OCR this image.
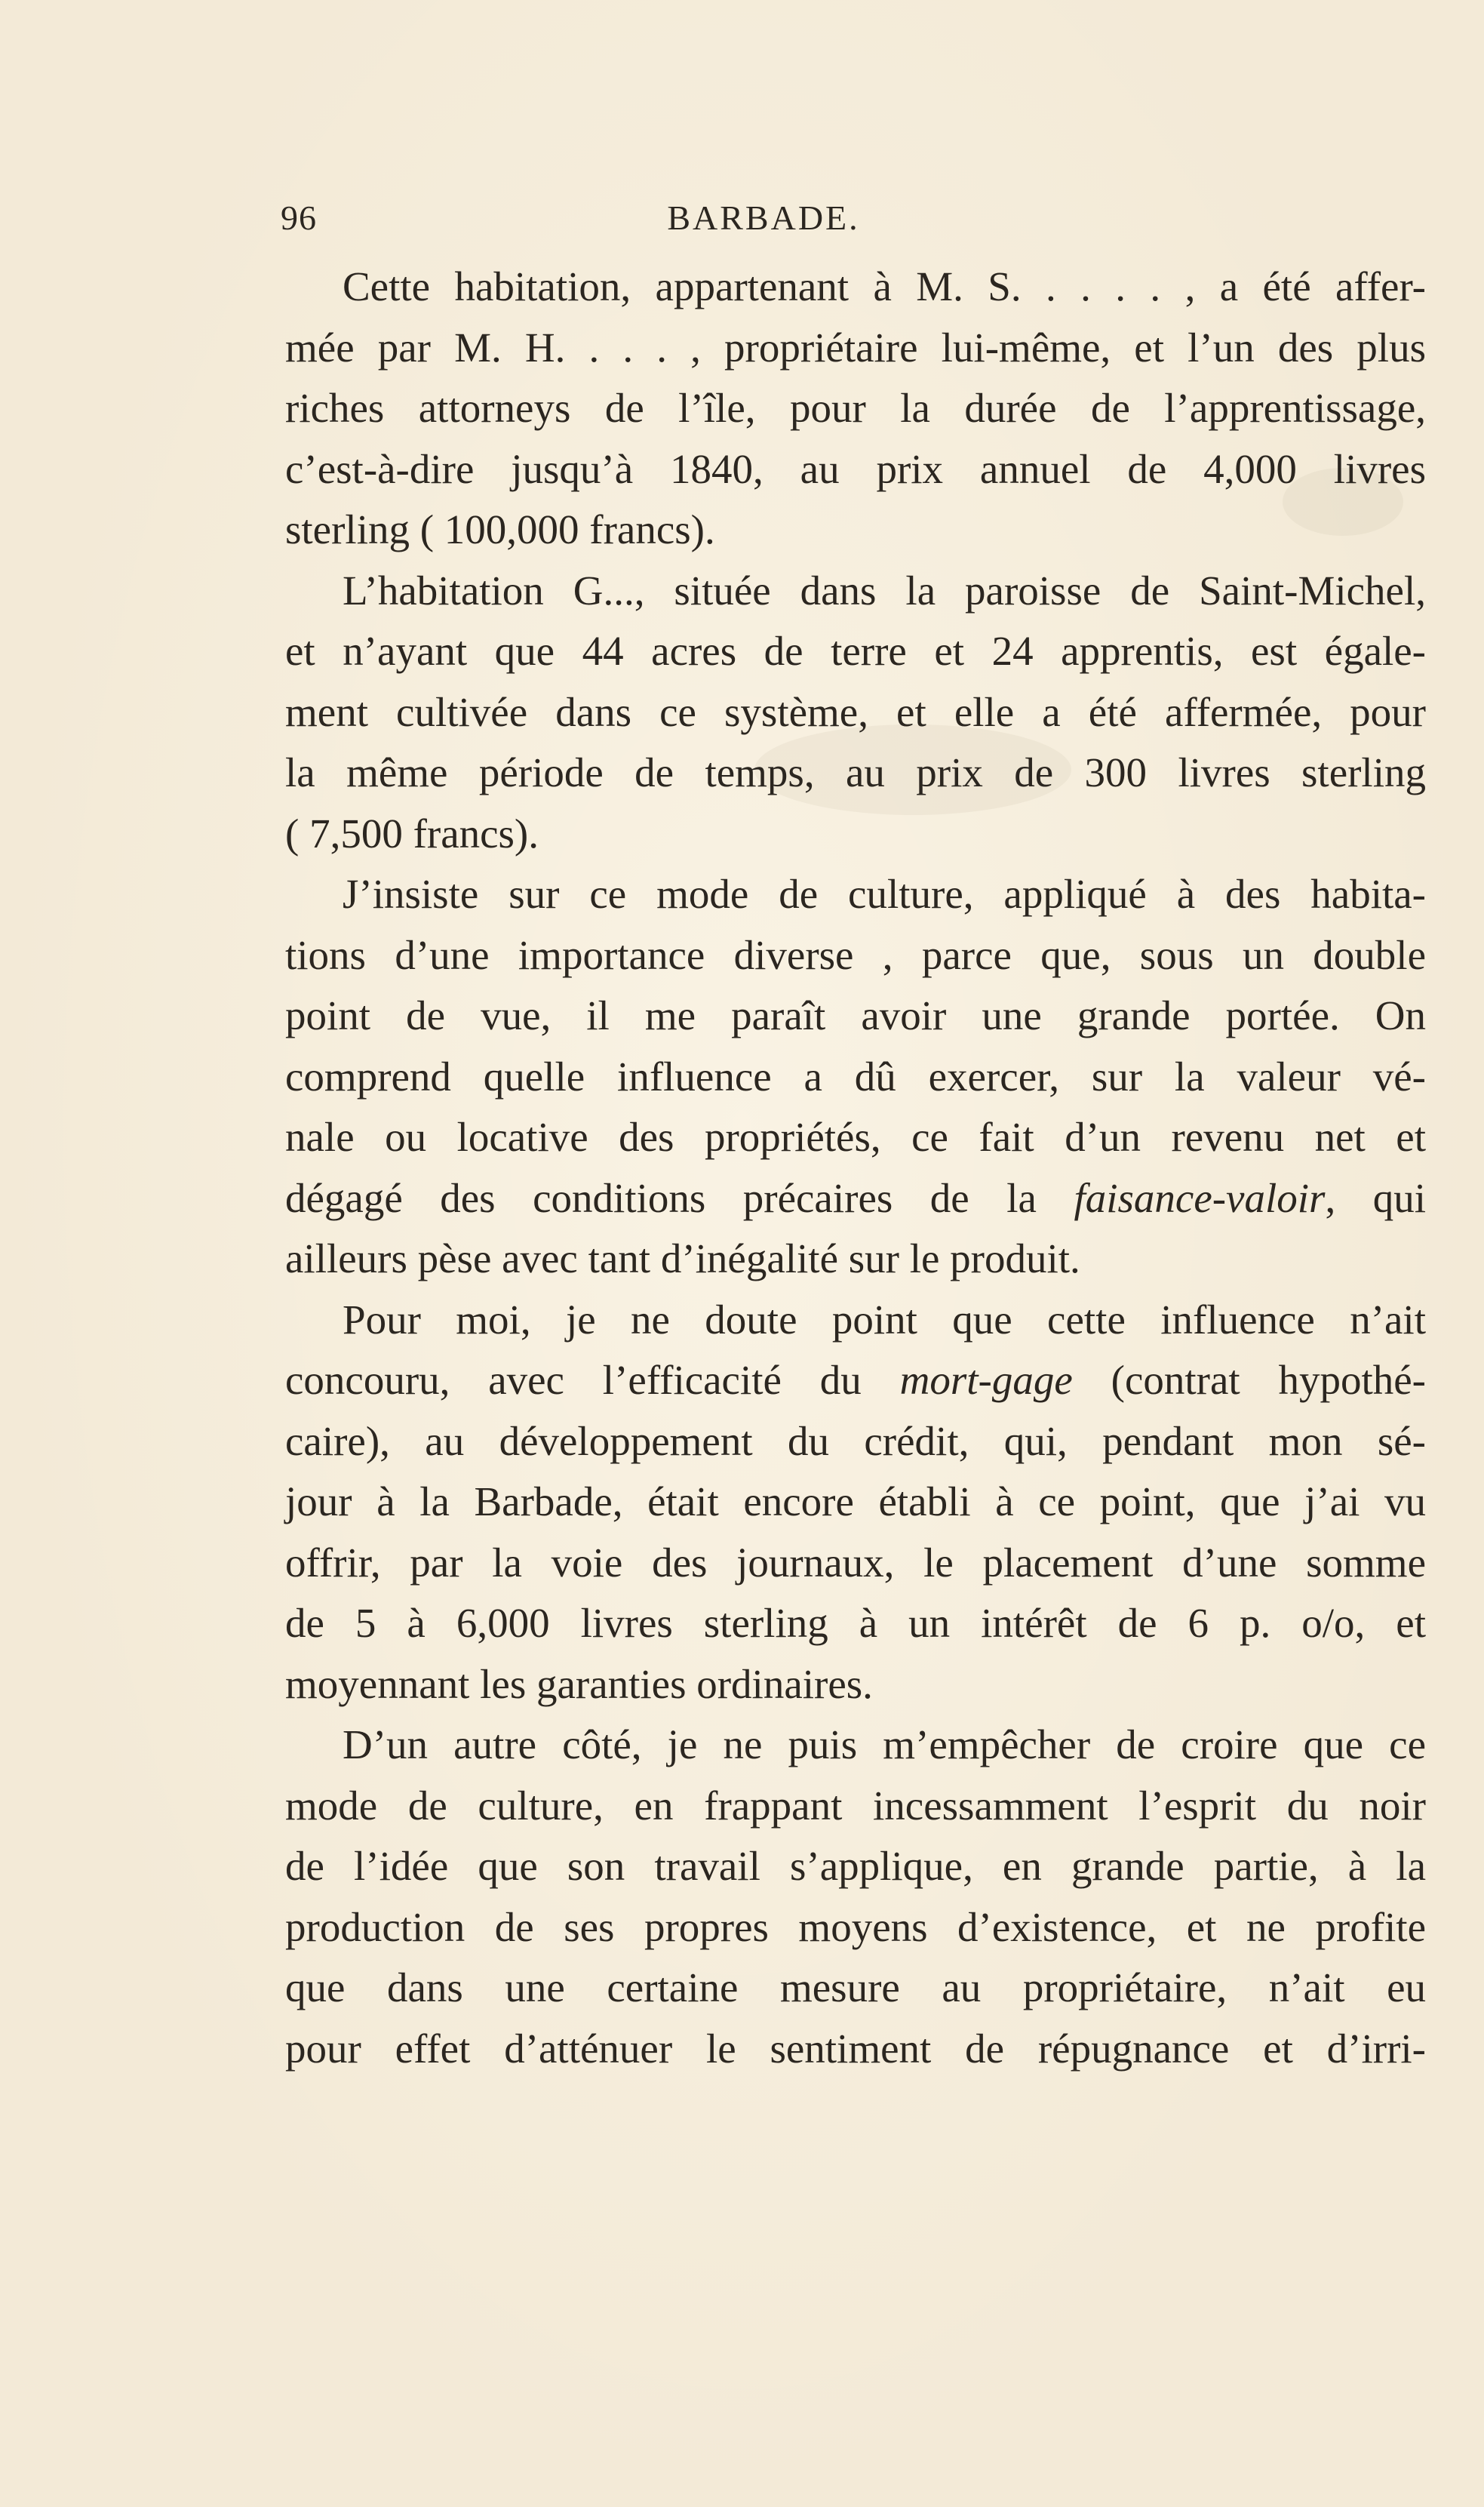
96	BARBADE.
Cette habitation, appartenant à M. S. . . . . , a été affer-
mée par M. H. . . . , propriétaire lui-même, et l’un des plus
riches attorneys de l’île, pour la durée de l’apprentissage,
c’est-à-dire jusqu’à 1840, au prix annuel de 4,000 livres
sterling ( 100,000 francs).
L’habitation G..., située dans la paroisse de Saint-Michel,
et n’ayant que 44 acres de terre et 24 apprentis, est égale-
ment cultivée dans ce système, et elle a été affermée, pour
la même période de temps, au prix de 300 livres sterling
( 7,500 francs).
J’insiste sur ce mode de culture, appliqué à des habita-
tions d’une importance diverse , parce que, sous un double
point de vue, il me paraît avoir une grande portée. On
comprend quelle influence a dû exercer, sur la valeur vé-
nale ou locative des propriétés, ce fait d’un revenu net et
dégagé des conditions précaires de la faisance-valoir, qui
ailleurs pèse avec tant d’inégalité sur le produit.
Pour moi, je ne doute point que cette influence n’ait
concouru, avec l’efficacité du mort-gage (contrat hypothé-
caire), au développement du crédit, qui, pendant mon sé-
jour à la Barbade, était encore établi à ce point, que j’ai vu
offrir, par la voie des journaux, le placement d’une somme
de 5 à 6,000 livres sterling à un intérêt de 6 p. o/o, et
moyennant les garanties ordinaires.
D’un autre côté, je ne puis m’empêcher de croire que ce
mode de culture, en frappant incessamment l’esprit du noir
de l’idée que son travail s’applique, en grande partie, à la
production de ses propres moyens d’existence, et ne profite
que dans une certaine mesure au propriétaire, n’ait eu
pour effet d’atténuer le sentiment de répugnance et d’irri-
